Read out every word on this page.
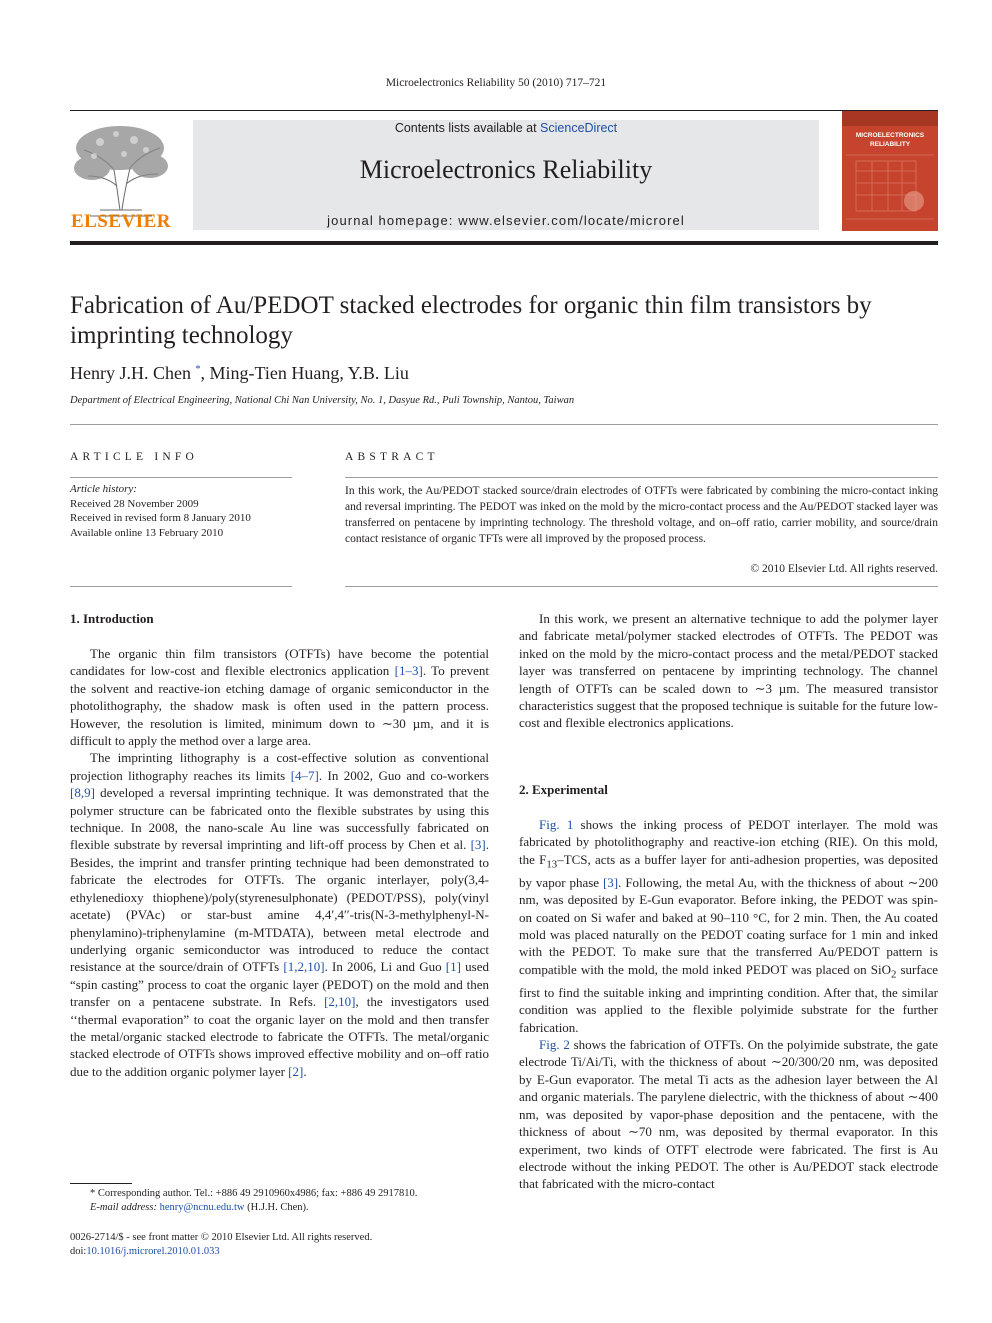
Microelectronics Reliability 50 (2010) 717–721
ELSEVIER
Contents lists available at ScienceDirect
Microelectronics Reliability
journal homepage: www.elsevier.com/locate/microrel
MICROELECTRONICS
RELIABILITY
Fabrication of Au/PEDOT stacked electrodes for organic thin film transistors by imprinting technology
Henry J.H. Chen *, Ming-Tien Huang, Y.B. Liu
Department of Electrical Engineering, National Chi Nan University, No. 1, Dasyue Rd., Puli Township, Nantou, Taiwan
ARTICLE INFO
Article history:
Received 28 November 2009
Received in revised form 8 January 2010
Available online 13 February 2010
ABSTRACT
In this work, the Au/PEDOT stacked source/drain electrodes of OTFTs were fabricated by combining the micro-contact inking and reversal imprinting. The PEDOT was inked on the mold by the micro-contact process and the Au/PEDOT stacked layer was transferred on pentacene by imprinting technology. The threshold voltage, and on–off ratio, carrier mobility, and source/drain contact resistance of organic TFTs were all improved by the proposed process.
© 2010 Elsevier Ltd. All rights reserved.
1. Introduction

The organic thin film transistors (OTFTs) have become the potential candidates for low-cost and flexible electronics application [1–3]. To prevent the solvent and reactive-ion etching damage of organic semiconductor in the photolithography, the shadow mask is often used in the pattern process. However, the resolution is limited, minimum down to ∼30 µm, and it is difficult to apply the method over a large area.

The imprinting lithography is a cost-effective solution as conventional projection lithography reaches its limits [4–7]. In 2002, Guo and co-workers [8,9] developed a reversal imprinting technique. It was demonstrated that the polymer structure can be fabricated onto the flexible substrates by using this technique. In 2008, the nano-scale Au line was successfully fabricated on flexible substrate by reversal imprinting and lift-off process by Chen et al. [3]. Besides, the imprint and transfer printing technique had been demonstrated to fabricate the electrodes for OTFTs. The organic interlayer, poly(3,4-ethylenedioxy thiophene)/poly(styrenesulphonate) (PEDOT/PSS), poly(vinyl acetate) (PVAc) or star-bust amine 4,4′,4′′-tris(N-3-methylphenyl-N-phenylamino)-triphenylamine (m-MTDATA), between metal electrode and underlying organic semiconductor was introduced to reduce the contact resistance at the source/drain of OTFTs [1,2,10]. In 2006, Li and Guo [1] used “spin casting” process to coat the organic layer (PEDOT) on the mold and then transfer on a pentacene substrate. In Refs. [2,10], the investigators used ‘‘thermal evaporation” to coat the organic layer on the mold and then transfer the metal/organic stacked electrode to fabricate the OTFTs. The metal/organic stacked electrode of OTFTs shows improved effective mobility and on–off ratio due to the addition organic polymer layer [2].

In this work, we present an alternative technique to add the polymer layer and fabricate metal/polymer stacked electrodes of OTFTs. The PEDOT was inked on the mold by the micro-contact process and the metal/PEDOT stacked layer was transferred on pentacene by imprinting technology. The channel length of OTFTs can be scaled down to ∼3 µm. The measured transistor characteristics suggest that the proposed technique is suitable for the future low-cost and flexible electronics applications.

2. Experimental

Fig. 1 shows the inking process of PEDOT interlayer. The mold was fabricated by photolithography and reactive-ion etching (RIE). On this mold, the $F_{13}$–TCS, acts as a buffer layer for anti-adhesion properties, was deposited by vapor phase [3]. Following, the metal Au, with the thickness of about ∼200 nm, was deposited by E-Gun evaporator. Before inking, the PEDOT was spin-on coated on Si wafer and baked at 90–110 °C, for 2 min. Then, the Au coated mold was placed naturally on the PEDOT coating surface for 1 min and inked with the PEDOT. To make sure that the transferred Au/PEDOT pattern is compatible with the mold, the mold inked PEDOT was placed on SiO$_2$ surface first to find the suitable inking and imprinting condition. After that, the similar condition was applied to the flexible polyimide substrate for the further fabrication.

Fig. 2 shows the fabrication of OTFTs. On the polyimide substrate, the gate electrode Ti/Ai/Ti, with the thickness of about ∼20/300/20 nm, was deposited by E-Gun evaporator. The metal Ti acts as the adhesion layer between the Al and organic materials. The parylene dielectric, with the thickness of about ∼400 nm, was deposited by vapor-phase deposition and the pentacene, with the thickness of about ∼70 nm, was deposited by thermal evaporator. In this experiment, two kinds of OTFT electrode were fabricated. The first is Au electrode without the inking PEDOT. The other is Au/PEDOT stack electrode that fabricated with the micro-contact

* Corresponding author. Tel.: +886 49 2910960x4986; fax: +886 49 2917810.
E-mail address: henry@ncnu.edu.tw (H.J.H. Chen).
0026-2714/$ - see front matter © 2010 Elsevier Ltd. All rights reserved.
doi:10.1016/j.microrel.2010.01.033
